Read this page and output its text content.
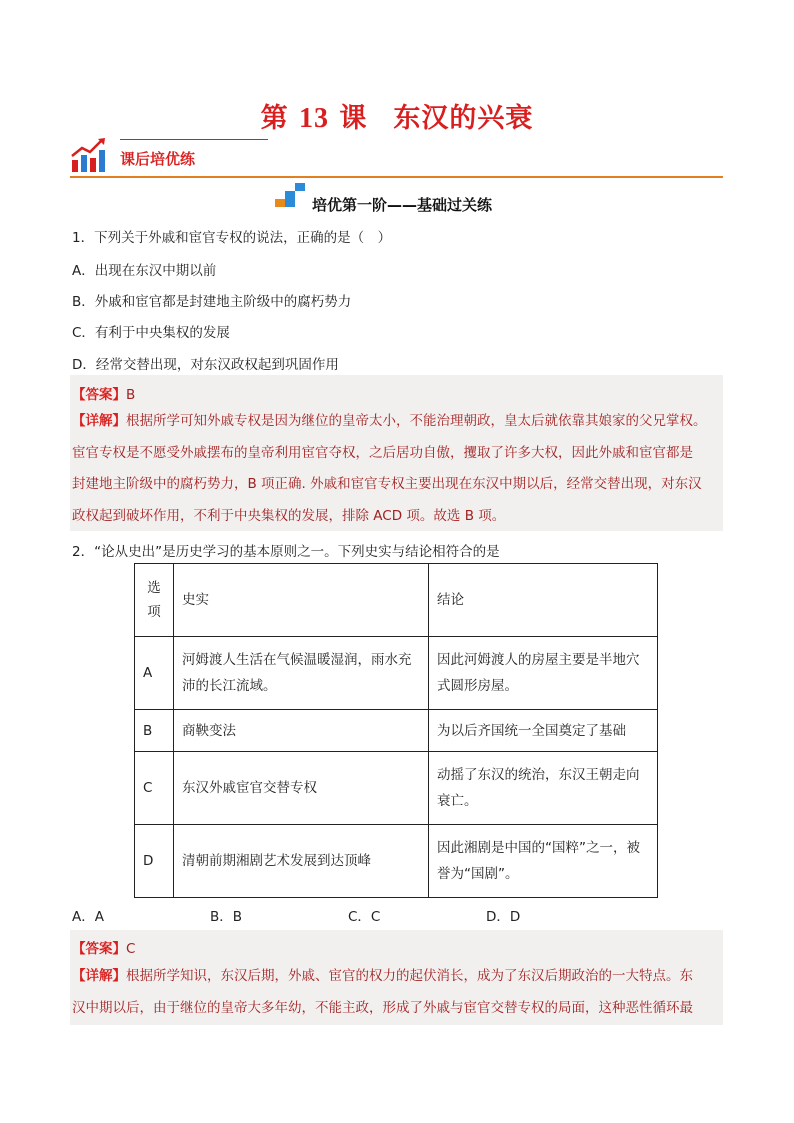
第 13 课 东汉的兴衰
课后培优练
培优第一阶——基础过关练
1．下列关于外戚和宦官专权的说法，正确的是（　）
A．出现在东汉中期以前
B．外戚和宦官都是封建地主阶级中的腐朽势力
C．有利于中央集权的发展
D．经常交替出现，对东汉政权起到巩固作用
【答案】B
【详解】根据所学可知外戚专权是因为继位的皇帝太小，不能治理朝政，皇太后就依靠其娘家的父兄掌权。
宦官专权是不愿受外戚摆布的皇帝利用宦官夺权，之后居功自傲，攫取了许多大权，因此外戚和宦官都是
封建地主阶级中的腐朽势力，B 项正确. 外戚和宦官专权主要出现在东汉中期以后，经常交替出现，对东汉
政权起到破坏作用，不利于中央集权的发展，排除 ACD 项。故选 B 项。
2．“论从史出”是历史学习的基本原则之一。下列史实与结论相符合的是
选项	史实	结论
A	河姆渡人生活在气候温暖湿润，雨水充沛的长江流域。	因此河姆渡人的房屋主要是半地穴式圆形房屋。
B	商鞅变法	为以后齐国统一全国奠定了基础
C	东汉外戚宦官交替专权	动摇了东汉的统治，东汉王朝走向衰亡。
D	清朝前期湘剧艺术发展到达顶峰	因此湘剧是中国的“国粹”之一，被誉为“国剧”。
A．A	B．B	C．C	D．D
【答案】C
【详解】根据所学知识，东汉后期，外戚、宦官的权力的起伏消长，成为了东汉后期政治的一大特点。东
汉中期以后，由于继位的皇帝大多年幼，不能主政，形成了外戚与宦官交替专权的局面，这种恶性循环最
